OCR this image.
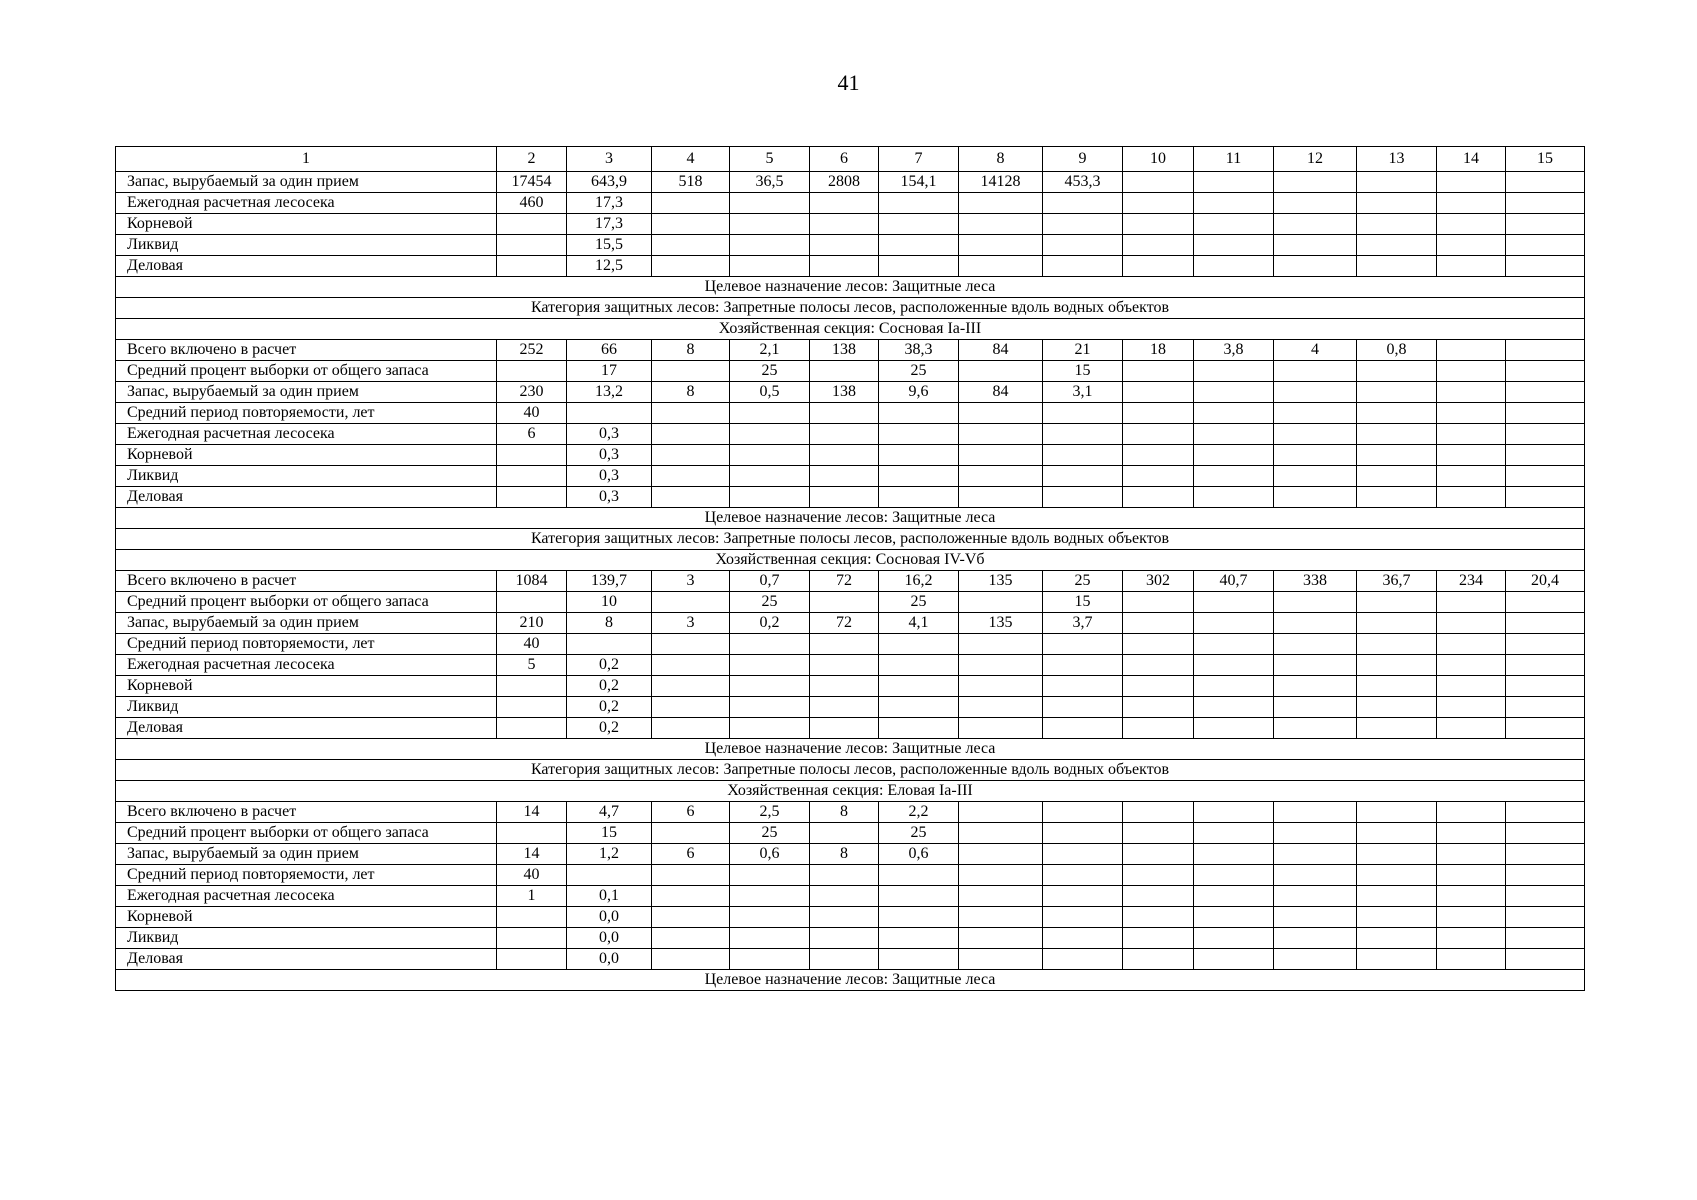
41
1	2	3	4	5	6	7	8	9	10	11	12	13	14	15
Запас, вырубаемый за один прием	17454	643,9	518	36,5	2808	154,1	14128	453,3						
Ежегодная расчетная лесосека	460	17,3												
Корневой		17,3												
Ликвид		15,5												
Деловая		12,5												
Целевое назначение лесов: Защитные леса														
Категория защитных лесов: Запретные полосы лесов, расположенные вдоль водных объектов														
Хозяйственная секция: Сосновая Ia-III														
Всего включено в расчет	252	66	8	2,1	138	38,3	84	21	18	3,8	4	0,8		
Средний процент выборки от общего запаса		17		25		25		15						
Запас, вырубаемый за один прием	230	13,2	8	0,5	138	9,6	84	3,1						
Средний период повторяемости, лет	40													
Ежегодная расчетная лесосека	6	0,3												
Корневой		0,3												
Ликвид		0,3												
Деловая		0,3												
Целевое назначение лесов: Защитные леса														
Категория защитных лесов: Запретные полосы лесов, расположенные вдоль водных объектов														
Хозяйственная секция: Сосновая IV-Vб														
Всего включено в расчет	1084	139,7	3	0,7	72	16,2	135	25	302	40,7	338	36,7	234	20,4
Средний процент выборки от общего запаса		10		25		25		15						
Запас, вырубаемый за один прием	210	8	3	0,2	72	4,1	135	3,7						
Средний период повторяемости, лет	40													
Ежегодная расчетная лесосека	5	0,2												
Корневой		0,2												
Ликвид		0,2												
Деловая		0,2												
Целевое назначение лесов: Защитные леса														
Категория защитных лесов: Запретные полосы лесов, расположенные вдоль водных объектов														
Хозяйственная секция: Еловая Ia-III														
Всего включено в расчет	14	4,7	6	2,5	8	2,2								
Средний процент выборки от общего запаса		15		25		25								
Запас, вырубаемый за один прием	14	1,2	6	0,6	8	0,6								
Средний период повторяемости, лет	40													
Ежегодная расчетная лесосека	1	0,1												
Корневой		0,0												
Ликвид		0,0												
Деловая		0,0												
Целевое назначение лесов: Защитные леса														
